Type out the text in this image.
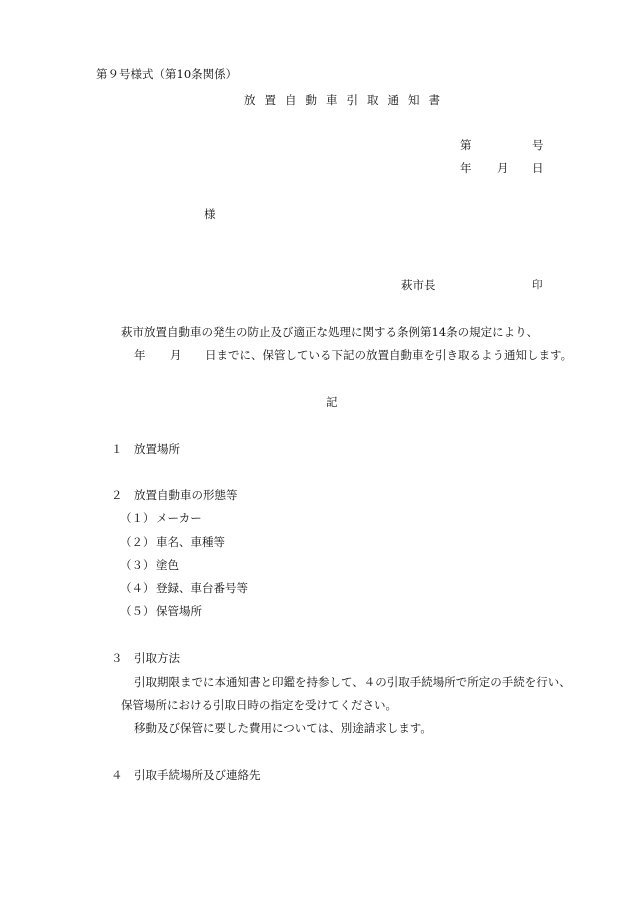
第９号様式（第10条関係）
放置自動車引取通知書
第	号
年 月 日
様
萩市長	印
萩市放置自動車の発生の防止及び適正な処理に関する条例第14条の規定により、
年 月 日までに、保管している下記の放置自動車を引き取るよう通知します。
記
１ 放置場所
２ 放置自動車の形態等
（１） メーカー
（２） 車名、車種等
（３） 塗色
（４） 登録、車台番号等
（５） 保管場所
３ 引取方法
引取期限までに本通知書と印鑑を持参して、４の引取手続場所で所定の手続を行い、
保管場所における引取日時の指定を受けてください。
移動及び保管に要した費用については、別途請求します。
４ 引取手続場所及び連絡先
